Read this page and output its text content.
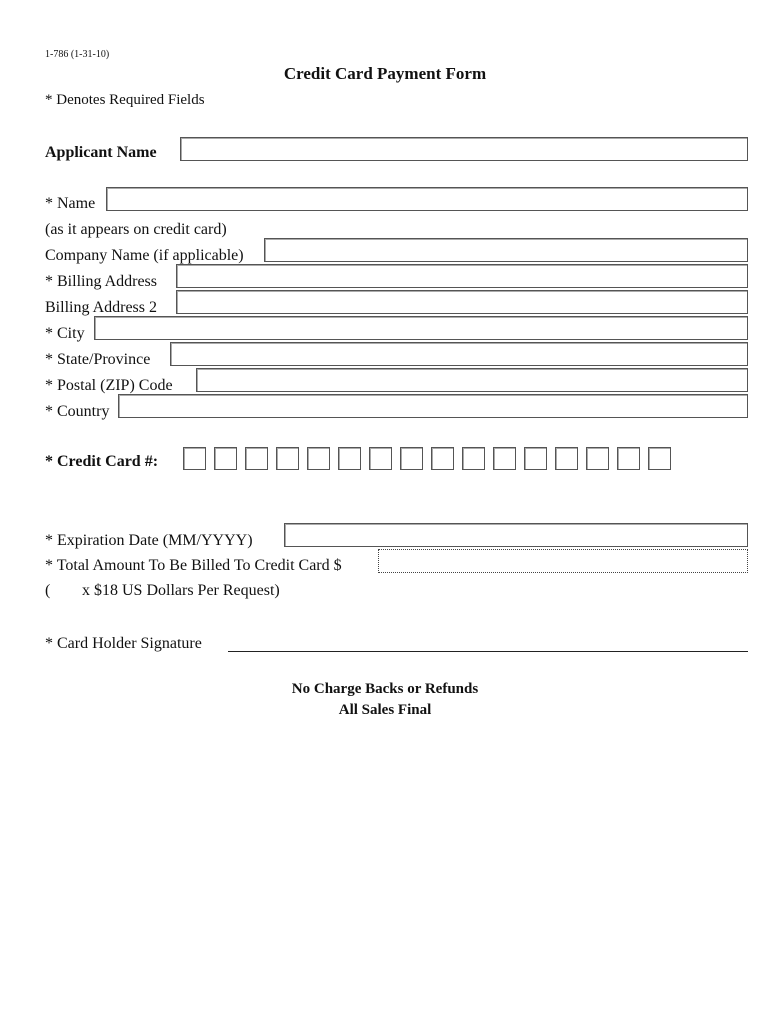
1-786 (1-31-10)
Credit Card Payment Form
* Denotes Required Fields
Applicant Name
* Name
(as it appears on credit card)
Company Name (if applicable)
* Billing Address
Billing Address 2
* City
* State/Province
* Postal (ZIP) Code
* Country
* Credit Card #:
* Expiration Date (MM/YYYY)
* Total Amount To Be Billed To Credit Card $
( x $18 US Dollars Per Request)
* Card Holder Signature
No Charge Backs or Refunds
All Sales Final
